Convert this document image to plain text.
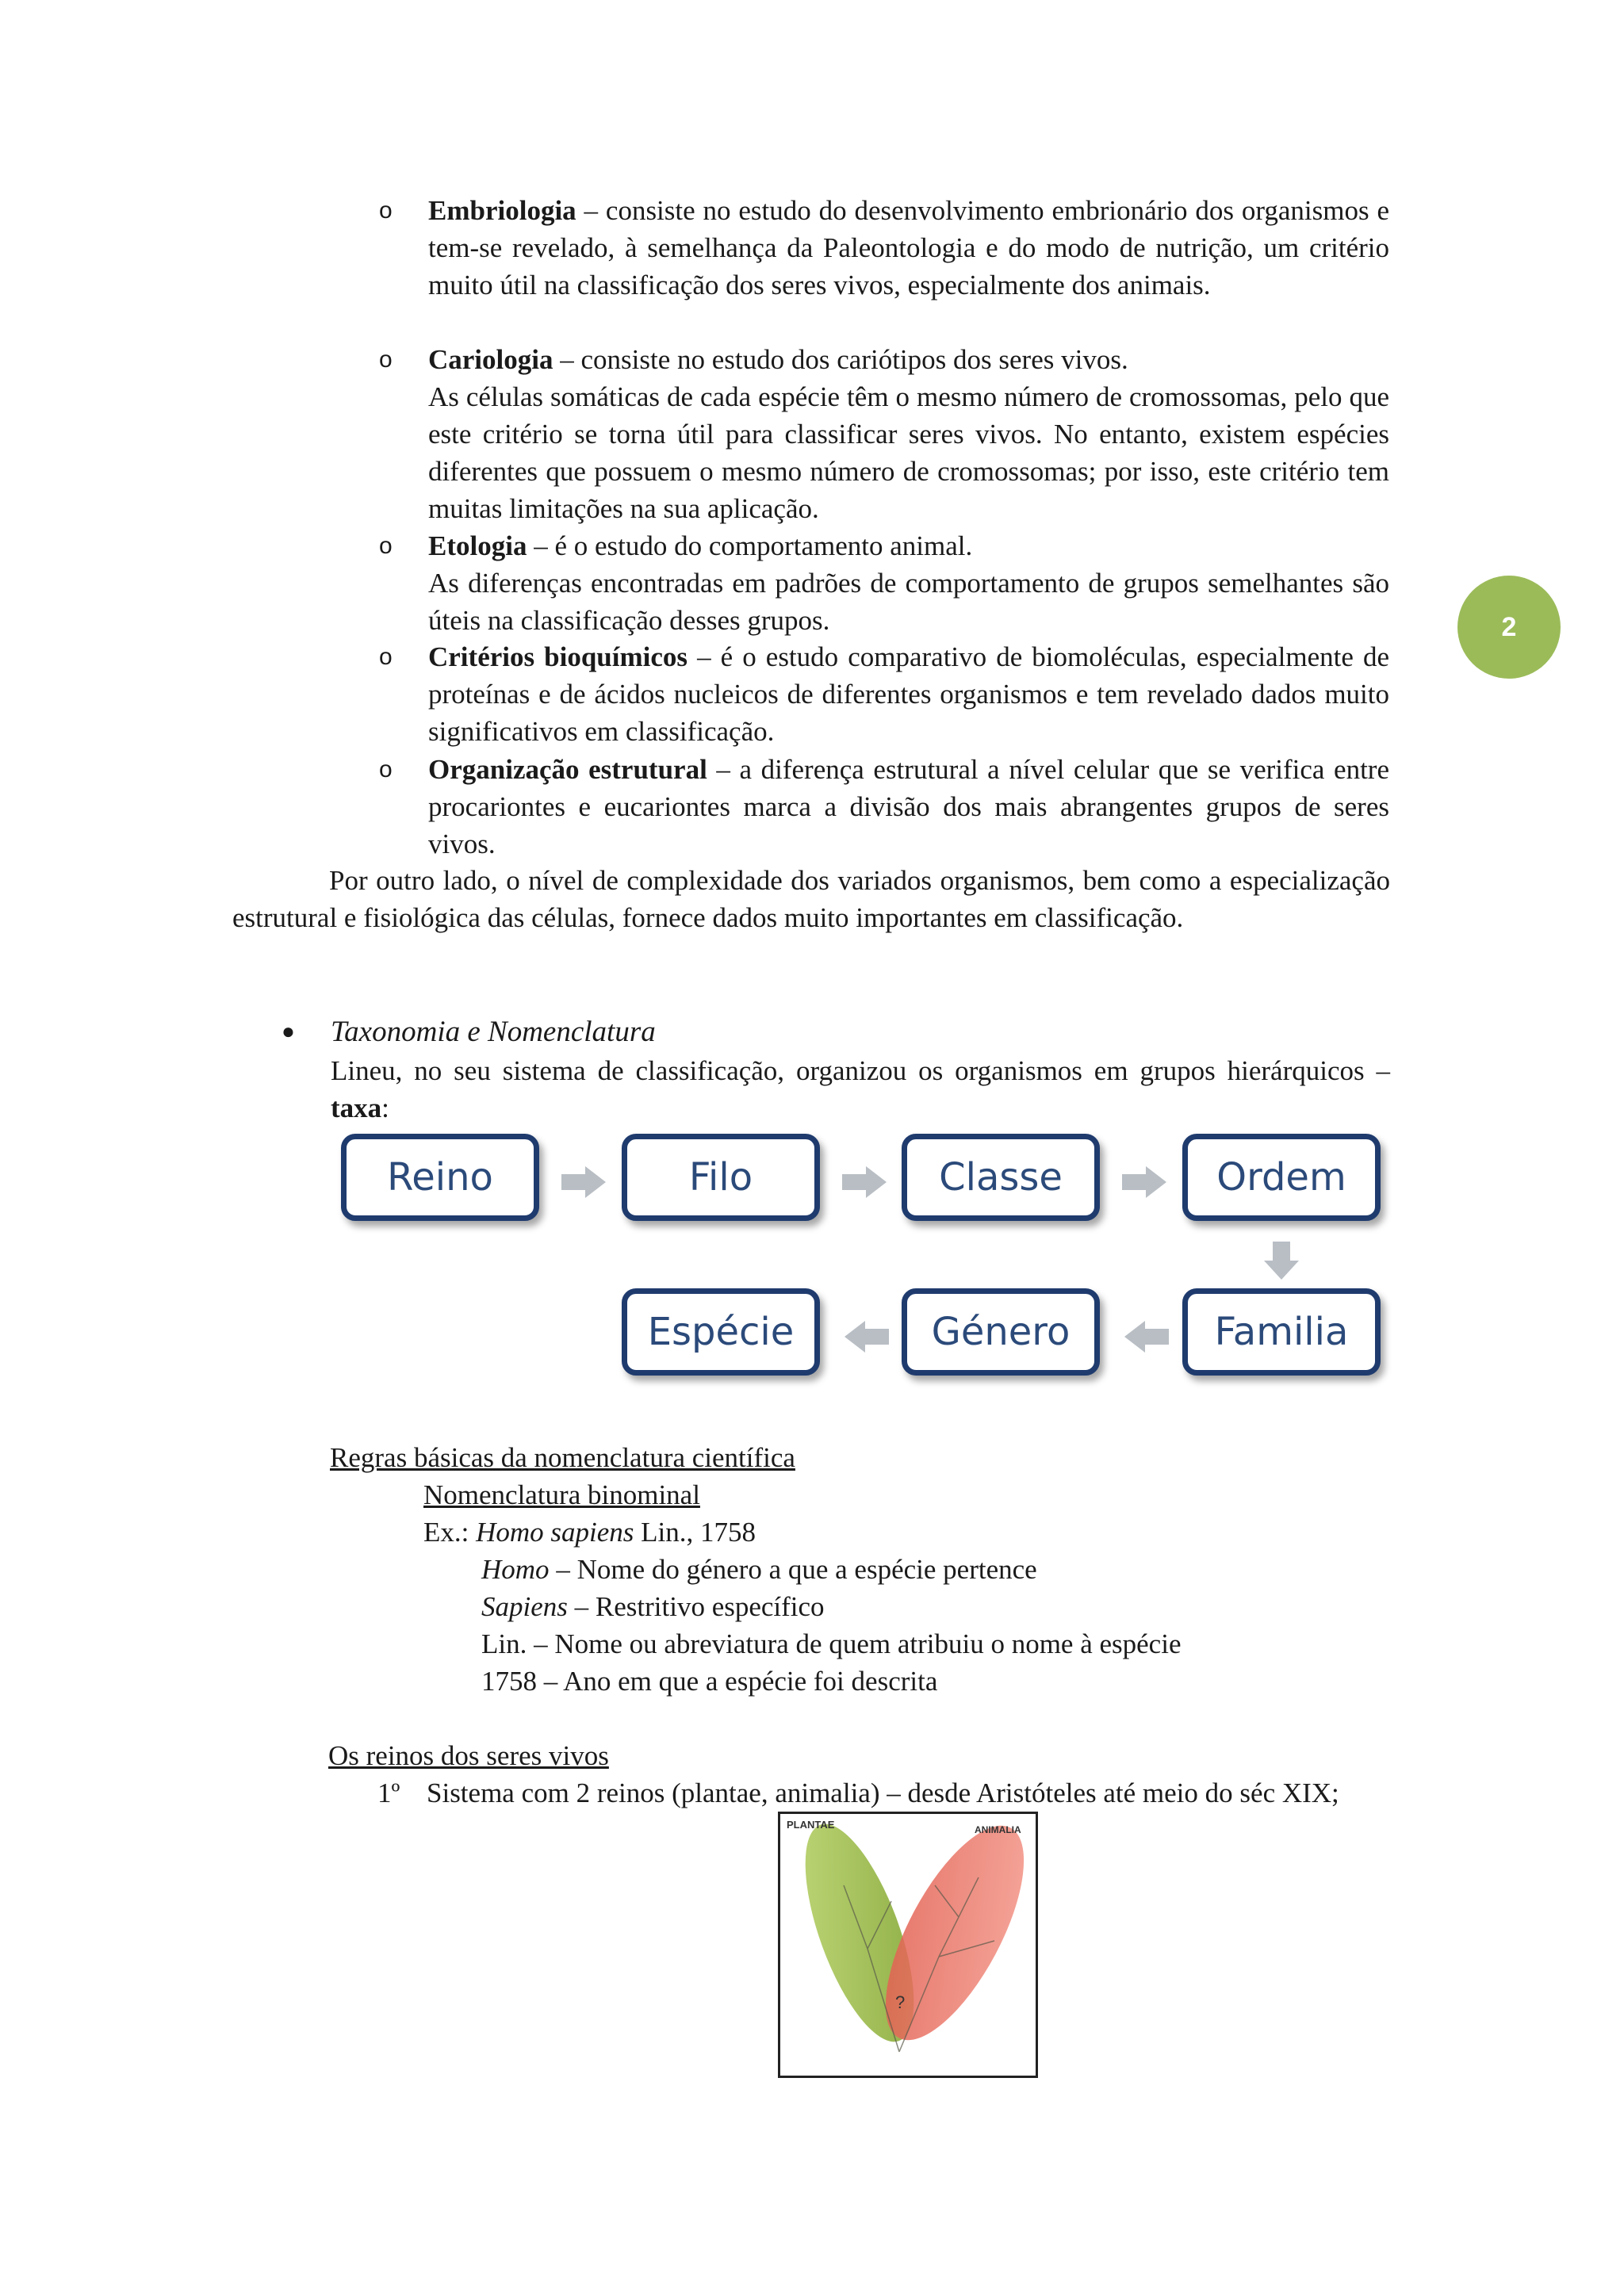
2
o Embriologia – consiste no estudo do desenvolvimento embrionário dos organismos e tem-se revelado, à semelhança da Paleontologia e do modo de nutrição, um critério muito útil na classificação dos seres vivos, especialmente dos animais.

o Cariologia – consiste no estudo dos cariótipos dos seres vivos.

As células somáticas de cada espécie têm o mesmo número de cromossomas, pelo que este critério se torna útil para classificar seres vivos. No entanto, existem espécies diferentes que possuem o mesmo número de cromossomas; por isso, este critério tem muitas limitações na sua aplicação.

o Etologia – é o estudo do comportamento animal.

As diferenças encontradas em padrões de comportamento de grupos semelhantes são úteis na classificação desses grupos.

o Critérios bioquímicos – é o estudo comparativo de biomoléculas, especialmente de proteínas e de ácidos nucleicos de diferentes organismos e tem revelado dados muito significativos em classificação.

o Organização estrutural – a diferença estrutural a nível celular que se verifica entre procariontes e eucariontes marca a divisão dos mais abrangentes grupos de seres vivos.

Por outro lado, o nível de complexidade dos variados organismos, bem como a especialização estrutural e fisiológica das células, fornece dados muito importantes em classificação.
● Taxonomia e Nomenclatura
Lineu, no seu sistema de classificação, organizou os organismos em grupos hierárquicos – taxa:
Reino	Filo	Classe	Ordem
Familia
Género
Espécie
Regras básicas da nomenclatura científica
Nomenclatura binominal
Ex.: Homo sapiens Lin., 1758
Homo – Nome do género a que a espécie pertence
Sapiens – Restritivo específico
Lin. – Nome ou abreviatura de quem atribuiu o nome à espécie
1758 – Ano em que a espécie foi descrita
Os reinos dos seres vivos
1º Sistema com 2 reinos (plantae, animalia) – desde Aristóteles até meio do séc XIX;
PLANTAE	ANIMALIA
?
